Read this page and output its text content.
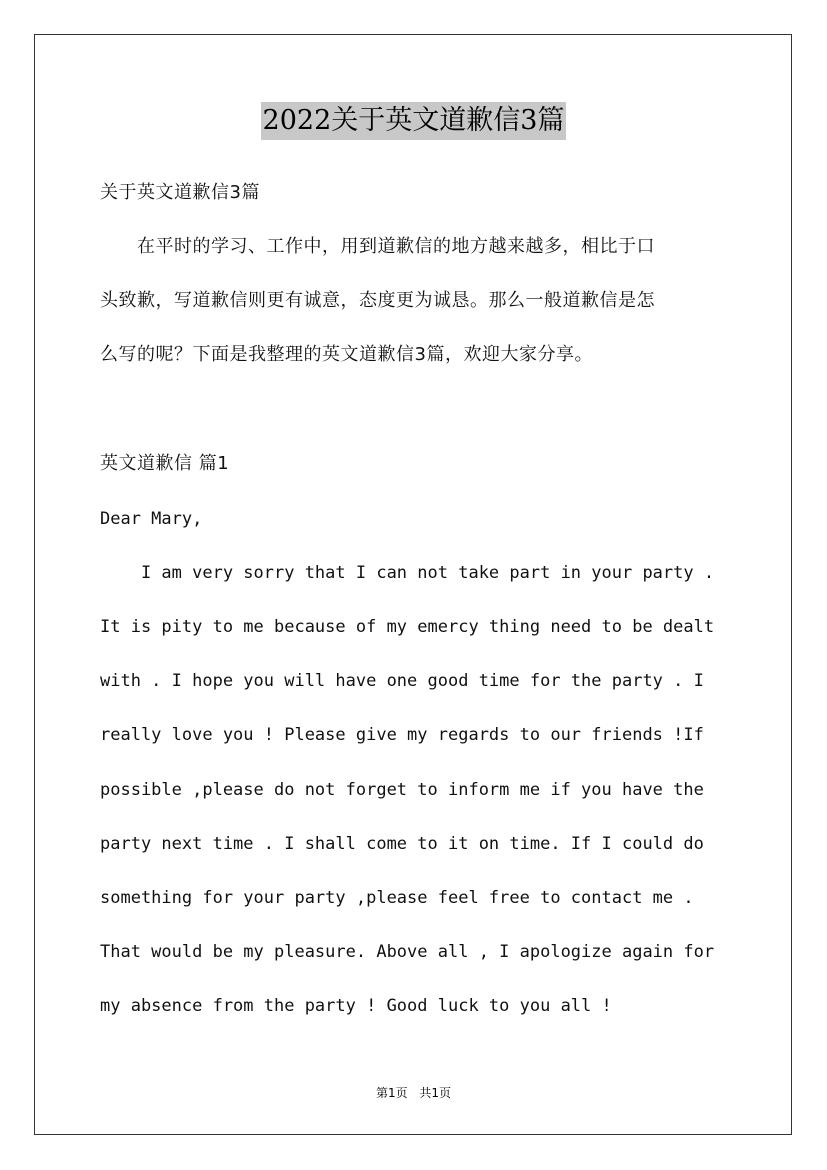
2022关于英文道歉信3篇
关于英文道歉信3篇
　　在平时的学习、工作中，用到道歉信的地方越来越多，相比于口
头致歉，写道歉信则更有诚意，态度更为诚恳。那么一般道歉信是怎
么写的呢？下面是我整理的英文道歉信3篇，欢迎大家分享。
英文道歉信 篇1
Dear Mary,
I am very sorry that I can not take part in your party .
It is pity to me because of my emercy thing need to be dealt
with . I hope you will have one good time for the party . I
really love you ! Please give my regards to our friends !If
possible ,please do not forget to inform me if you have the
party next time . I shall come to it on time. If I could do
something for your party ,please feel free to contact me .
That would be my pleasure. Above all , I apologize again for
my absence from the party ! Good luck to you all !
第1页 共1页
